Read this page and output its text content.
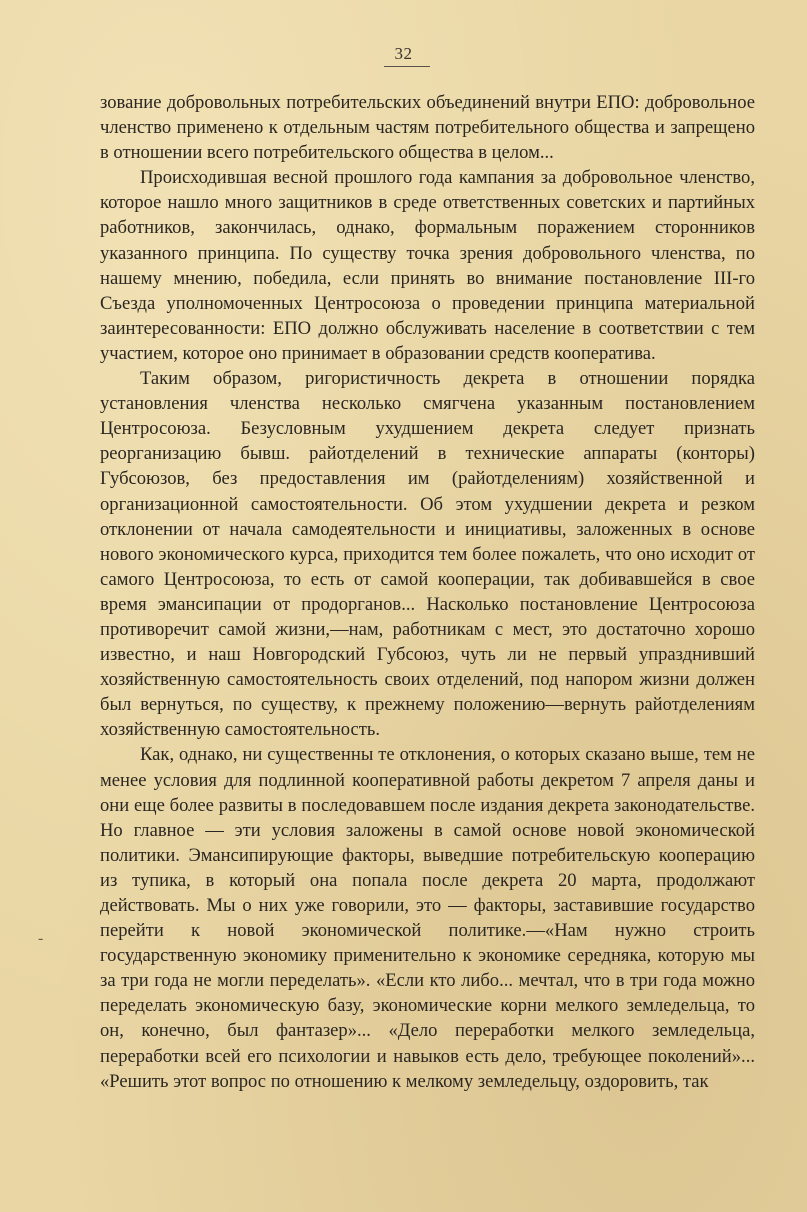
32

зование добровольных потребительских объединений внутри ЕПО: добровольное членство применено к отдельным частям потребительного общества и запрещено в отношении всего потребительского общества в целом...

Происходившая весной прошлого года кампания за добровольное членство, которое нашло много защитников в среде ответственных советских и партийных работников, закончилась, однако, формальным поражением сторонников указанного принципа. По существу точка зрения добровольного членства, по нашему мнению, победила, если принять во внимание постановление III-го Съезда уполномоченных Центросоюза о проведении принципа материальной заинтересованности: ЕПО должно обслуживать население в соответствии с тем участием, которое оно принимает в образовании средств кооператива.

Таким образом, ригористичность декрета в отношении порядка установления членства несколько смягчена указанным постановлением Центросоюза. Безусловным ухудшением декрета следует признать реорганизацию бывш. райотделений в технические аппараты (конторы) Губсоюзов, без предоставления им (райотделениям) хозяйственной и организационной самостоятельности. Об этом ухудшении декрета и резком отклонении от начала самодеятельности и инициативы, заложенных в основе нового экономического курса, приходится тем более пожалеть, что оно исходит от самого Центросоюза, то есть от самой кооперации, так добивавшейся в свое время эмансипации от продорганов... Насколько постановление Центросоюза противоречит самой жизни,—нам, работникам с мест, это достаточно хорошо известно, и наш Новгородский Губсоюз, чуть ли не первый упразднивший хозяйственную самостоятельность своих отделений, под напором жизни должен был вернуться, по существу, к прежнему положению—вернуть райотделениям хозяйственную самостоятельность.

Как, однако, ни существенны те отклонения, о которых сказано выше, тем не менее условия для подлинной кооперативной работы декретом 7 апреля даны и они еще более развиты в последовавшем после издания декрета законодательстве. Но главное — эти условия заложены в самой основе новой экономической политики. Эмансипирующие факторы, выведшие потребительскую кооперацию из тупика, в который она попала после декрета 20 марта, продолжают действовать. Мы о них уже говорили, это — факторы, заставившие государство перейти к новой экономической политике.—«Нам нужно строить государственную экономику применительно к экономике середняка, которую мы за три года не могли переделать». «Если кто либо... мечтал, что в три года можно переделать экономическую базу, экономические корни мелкого земледельца, то он, конечно, был фантазер»... «Дело переработки мелкого земледельца, переработки всей его психологии и навыков есть дело, требующее поколений»... «Решить этот вопрос по отношению к мелкому земледельцу, оздоровить, так

-
